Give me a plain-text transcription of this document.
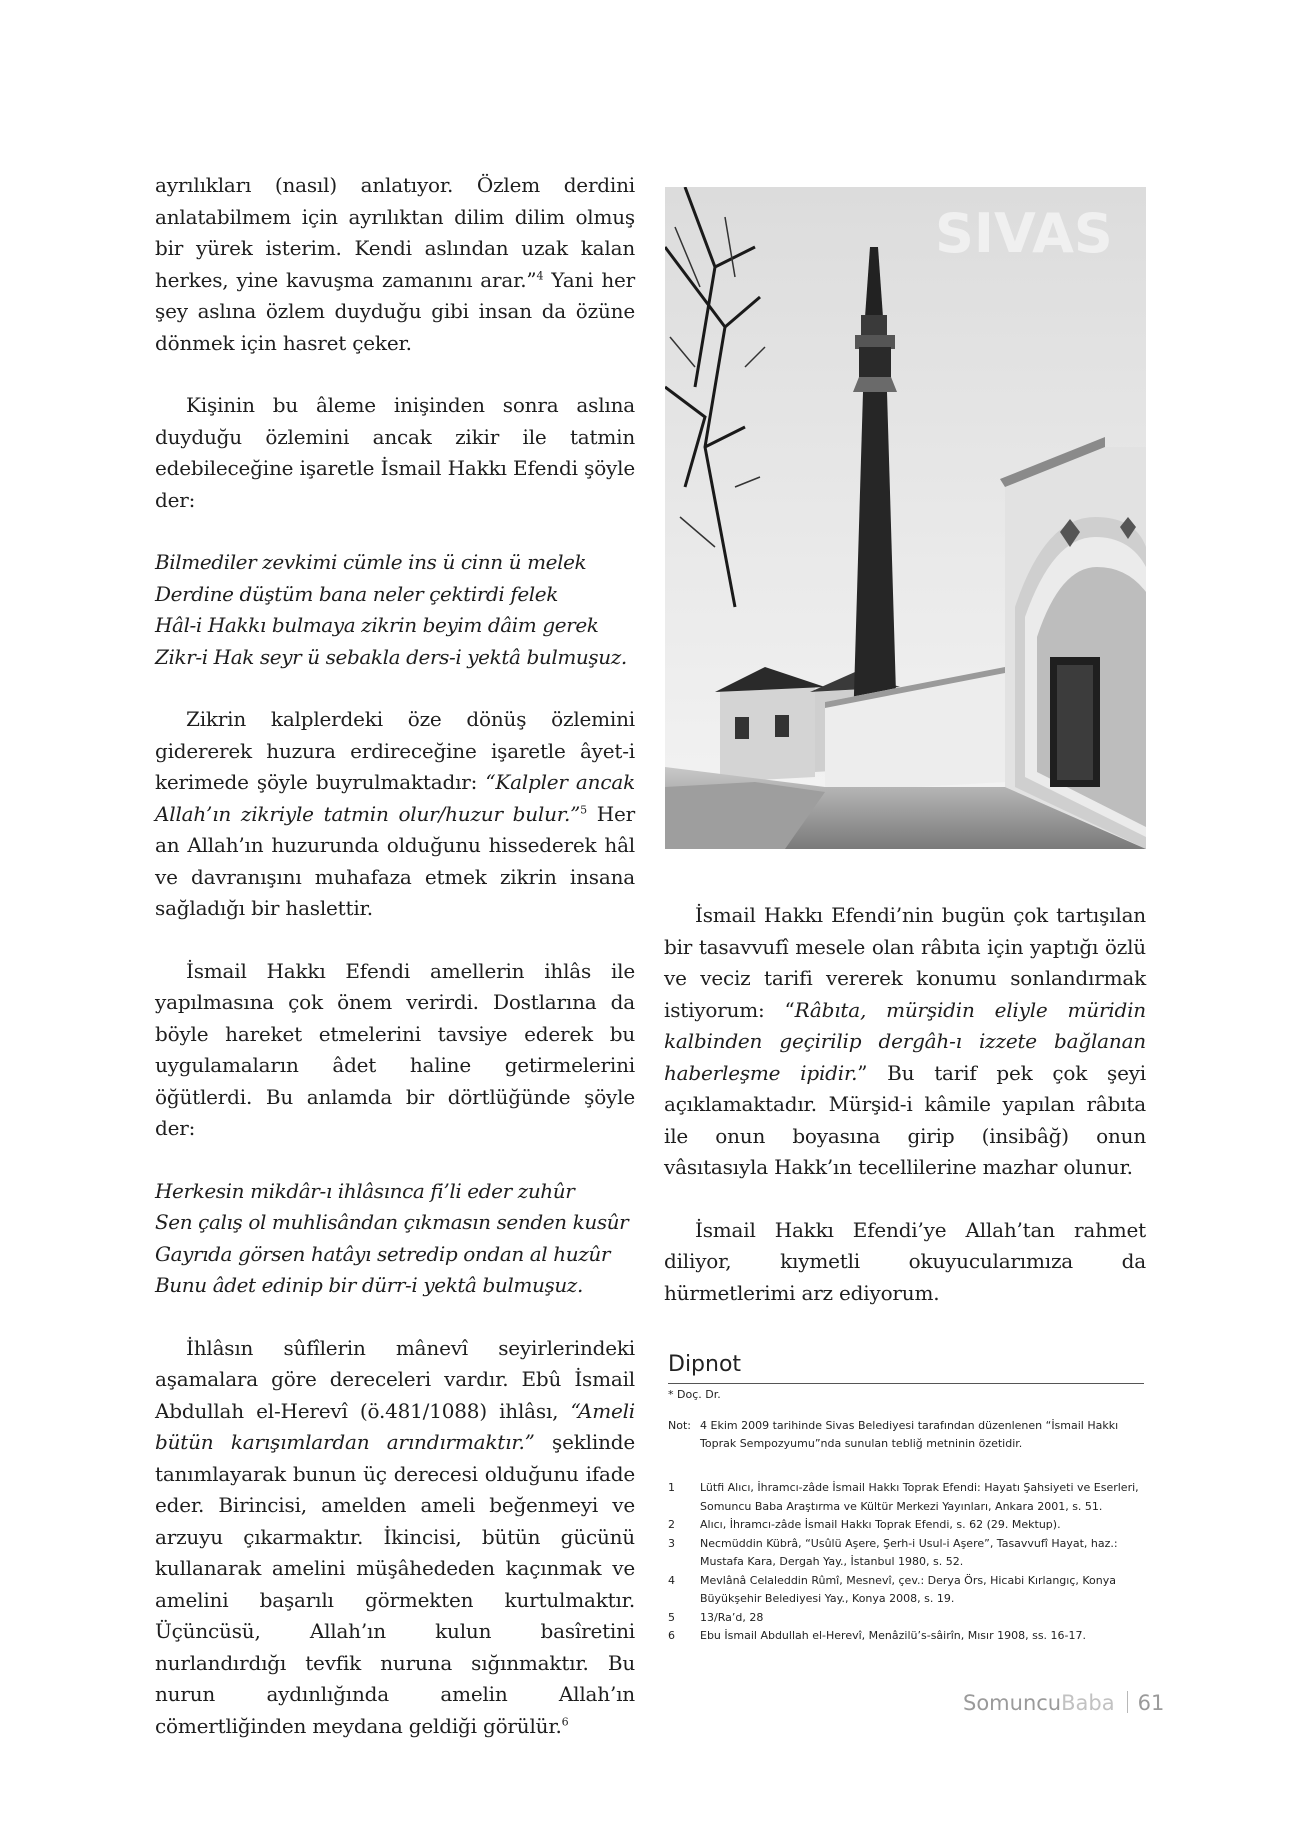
ayrılıkları (nasıl) anlatıyor. Özlem derdini anlatabilmem için ayrılıktan dilim dilim olmuş bir yürek isterim. Kendi aslından uzak kalan herkes, yine kavuşma zamanını arar.”$^4$ Yani her şey aslına özlem duyduğu gibi insan da özüne dönmek için hasret çeker.

Kişinin bu âleme inişinden sonra aslına duyduğu özlemini ancak zikir ile tatmin edebileceğine işaretle İsmail Hakkı Efendi şöyle der:

Bilmediler zevkimi cümle ins ü cinn ü melek
Derdine düştüm bana neler çektirdi felek
Hâl-i Hakkı bulmaya zikrin beyim dâim gerek
Zikr-i Hak seyr ü sebakla ders-i yektâ bulmuşuz.

Zikrin kalplerdeki öze dönüş özlemini gidererek huzura erdireceğine işaretle âyet-i kerimede şöyle buyrulmaktadır: “Kalpler ancak Allah’ın zikriyle tatmin olur/huzur bulur.”$^5$ Her an Allah’ın huzurunda olduğunu hissederek hâl ve davranışını muhafaza etmek zikrin insana sağladığı bir haslettir.

İsmail Hakkı Efendi amellerin ihlâs ile yapılmasına çok önem verirdi. Dostlarına da böyle hareket etmelerini tavsiye ederek bu uygulamaların âdet haline getirmelerini öğütlerdi. Bu anlamda bir dörtlüğünde şöyle der:

Herkesin mikdâr-ı ihlâsınca fi’li eder zuhûr
Sen çalış ol muhlisândan çıkmasın senden kusûr
Gayrıda görsen hatâyı setredip ondan al huzûr
Bunu âdet edinip bir dürr-i yektâ bulmuşuz.

İhlâsın sûfîlerin mânevî seyirlerindeki aşamalara göre dereceleri vardır. Ebû İsmail Abdullah el-Herevî (ö.481/1088) ihlâsı, “Ameli bütün karışımlardan arındırmaktır.” şeklinde tanımlayarak bunun üç derecesi olduğunu ifade eder. Birincisi, amelden ameli beğenmeyi ve arzuyu çıkarmaktır. İkincisi, bütün gücünü kullanarak amelini müşâhededen kaçınmak ve amelini başarılı görmekten kurtulmaktır. Üçüncüsü, Allah’ın kulun basîretini nurlandırdığı tevfik nuruna sığınmaktır. Bu nurun aydınlığında amelin Allah’ın cömertliğinden meydana geldiği görülür.$^6$

SIVAS

İsmail Hakkı Efendi’nin bugün çok tartışılan bir tasavvufî mesele olan râbıta için yaptığı özlü ve veciz tarifi vererek konumu sonlandırmak istiyorum: “Râbıta, mürşidin eliyle müridin kalbinden geçirilip dergâh-ı izzete bağlanan haberleşme ipidir.” Bu tarif pek çok şeyi açıklamaktadır. Mürşid-i kâmile yapılan râbıta ile onun boyasına girip (insibâğ) onun vâsıtasıyla Hakk’ın tecellilerine mazhar olunur.

İsmail Hakkı Efendi’ye Allah’tan rahmet diliyor, kıymetli okuyucularımıza da hürmetlerimi arz ediyorum.

Dipnot
* Doç. Dr.
Not: 4 Ekim 2009 tarihinde Sivas Belediyesi tarafından düzenlenen “İsmail Hakkı Toprak Sempozyumu”nda sunulan tebliğ metninin özetidir.
1	Lütfi Alıcı, İhramcı-zâde İsmail Hakkı Toprak Efendi: Hayatı Şahsiyeti ve Eserleri, Somuncu Baba Araştırma ve Kültür Merkezi Yayınları, Ankara 2001, s. 51.
2	Alıcı, İhramcı-zâde İsmail Hakkı Toprak Efendi, s. 62 (29. Mektup).
3	Necmüddin Kübrâ, “Usûlü Aşere, Şerh-i Usul-i Aşere”, Tasavvufî Hayat, haz.: Mustafa Kara, Dergah Yay., İstanbul 1980, s. 52.
4	Mevlânâ Celaleddin Rûmî, Mesnevî, çev.: Derya Örs, Hicabi Kırlangıç, Konya Büyükşehir Belediyesi Yay., Konya 2008, s. 19.
5	13/Ra’d, 28
6	Ebu İsmail Abdullah el-Herevî, Menâzilü’s-sâirîn, Mısır 1908, ss. 16-17.
SomuncuBaba 61
